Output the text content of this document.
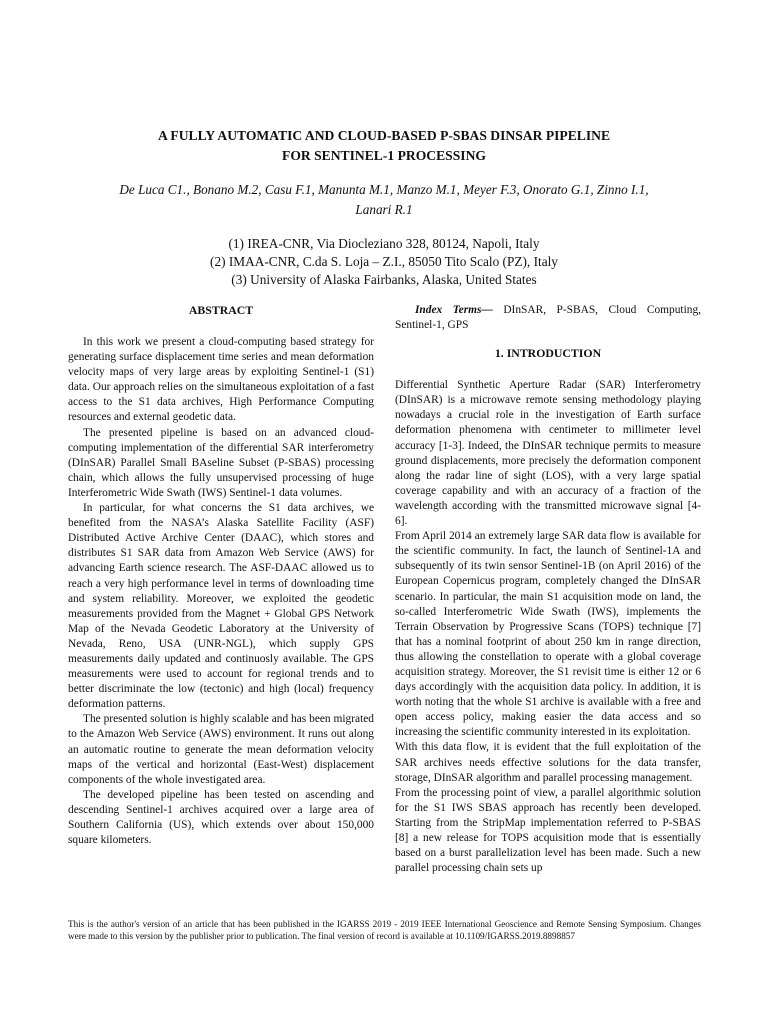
A FULLY AUTOMATIC AND CLOUD-BASED P-SBAS DINSAR PIPELINE
FOR SENTINEL-1 PROCESSING
De Luca C1., Bonano M.2, Casu F.1, Manunta M.1, Manzo M.1, Meyer F.3, Onorato G.1, Zinno I.1,
Lanari R.1
(1) IREA-CNR, Via Diocleziano 328, 80124, Napoli, Italy
(2) IMAA-CNR, C.da S. Loja – Z.I., 85050 Tito Scalo (PZ), Italy
(3) University of Alaska Fairbanks, Alaska, United States
ABSTRACT

In this work we present a cloud-computing based strategy for generating surface displacement time series and mean deformation velocity maps of very large areas by exploiting Sentinel-1 (S1) data. Our approach relies on the simultaneous exploitation of a fast access to the S1 data archives, High Performance Computing resources and external geodetic data.

The presented pipeline is based on an advanced cloud-computing implementation of the differential SAR interferometry (DInSAR) Parallel Small BAseline Subset (P-SBAS) processing chain, which allows the fully unsupervised processing of huge Interferometric Wide Swath (IWS) Sentinel-1 data volumes.

In particular, for what concerns the S1 data archives, we benefited from the NASA’s Alaska Satellite Facility (ASF) Distributed Active Archive Center (DAAC), which stores and distributes S1 SAR data from Amazon Web Service (AWS) for advancing Earth science research. The ASF-DAAC allowed us to reach a very high performance level in terms of downloading time and system reliability. Moreover, we exploited the geodetic measurements provided from the Magnet + Global GPS Network Map of the Nevada Geodetic Laboratory at the University of Nevada, Reno, USA (UNR-NGL), which supply GPS measurements daily updated and continuosly available. The GPS measurements were used to account for regional trends and to better discriminate the low (tectonic) and high (local) frequency deformation patterns.

The presented solution is highly scalable and has been migrated to the Amazon Web Service (AWS) environment. It runs out along an automatic routine to generate the mean deformation velocity maps of the vertical and horizontal (East-West) displacement components of the whole investigated area.

The developed pipeline has been tested on ascending and descending Sentinel-1 archives acquired over a large area of Southern California (US), which extends over about 150,000 square kilometers.

Index Terms— DInSAR, P-SBAS, Cloud Computing, Sentinel-1, GPS

1. INTRODUCTION

Differential Synthetic Aperture Radar (SAR) Interferometry (DInSAR) is a microwave remote sensing methodology playing nowadays a crucial role in the investigation of Earth surface deformation phenomena with centimeter to millimeter level accuracy [1-3]. Indeed, the DInSAR technique permits to measure ground displacements, more precisely the deformation component along the radar line of sight (LOS), with a very large spatial coverage capability and with an accuracy of a fraction of the wavelength according with the transmitted microwave signal [4-6].

From April 2014 an extremely large SAR data flow is available for the scientific community. In fact, the launch of Sentinel-1A and subsequently of its twin sensor Sentinel-1B (on April 2016) of the European Copernicus program, completely changed the DInSAR scenario. In particular, the main S1 acquisition mode on land, the so-called Interferometric Wide Swath (IWS), implements the Terrain Observation by Progressive Scans (TOPS) technique [7] that has a nominal footprint of about 250 km in range direction, thus allowing the constellation to operate with a global coverage acquisition strategy. Moreover, the S1 revisit time is either 12 or 6 days accordingly with the acquisition data policy. In addition, it is worth noting that the whole S1 archive is available with a free and open access policy, making easier the data access and so increasing the scientific community interested in its exploitation.

With this data flow, it is evident that the full exploitation of the SAR archives needs effective solutions for the data transfer, storage, DInSAR algorithm and parallel processing management.

From the processing point of view, a parallel algorithmic solution for the S1 IWS SBAS approach has recently been developed. Starting from the StripMap implementation referred to P-SBAS [8] a new release for TOPS acquisition mode that is essentially based on a burst parallelization level has been made. Such a new parallel processing chain sets up

This is the author's version of an article that has been published in the IGARSS 2019 - 2019 IEEE International Geoscience and Remote Sensing Symposium. Changes were made to this version by the publisher prior to publication. The final version of record is available at 10.1109/IGARSS.2019.8898857
